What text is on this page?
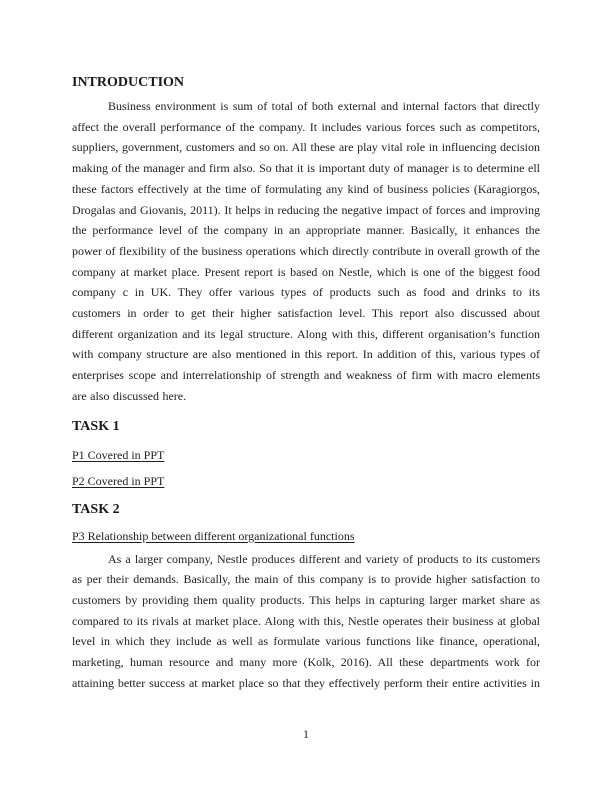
INTRODUCTION

Business environment is sum of total of both external and internal factors that directly affect the overall performance of the company. It includes various forces such as competitors, suppliers, government, customers and so on. All these are play vital role in influencing decision making of the manager and firm also. So that it is important duty of manager is to determine ell these factors effectively at the time of formulating any kind of business policies (Karagiorgos, Drogalas and Giovanis, 2011). It helps in reducing the negative impact of forces and improving the performance level of the company in an appropriate manner. Basically, it enhances the power of flexibility of the business operations which directly contribute in overall growth of the company at market place. Present report is based on Nestle, which is one of the biggest food company c in UK. They offer various types of products such as food and drinks to its customers in order to get their higher satisfaction level. This report also discussed about different organization and its legal structure. Along with this, different organisation’s function with company structure are also mentioned in this report. In addition of this, various types of enterprises scope and interrelationship of strength and weakness of firm with macro elements are also discussed here.

TASK 1

P1 Covered in PPT

P2 Covered in PPT

TASK 2

P3 Relationship between different organizational functions

As a larger company, Nestle produces different and variety of products to its customers as per their demands. Basically, the main of this company is to provide higher satisfaction to customers by providing them quality products. This helps in capturing larger market share as compared to its rivals at market place. Along with this, Nestle operates their business at global level in which they include as well as formulate various functions like finance, operational, marketing, human resource and many more (Kolk, 2016). All these departments work for attaining better success at market place so that they effectively perform their entire activities in

1
